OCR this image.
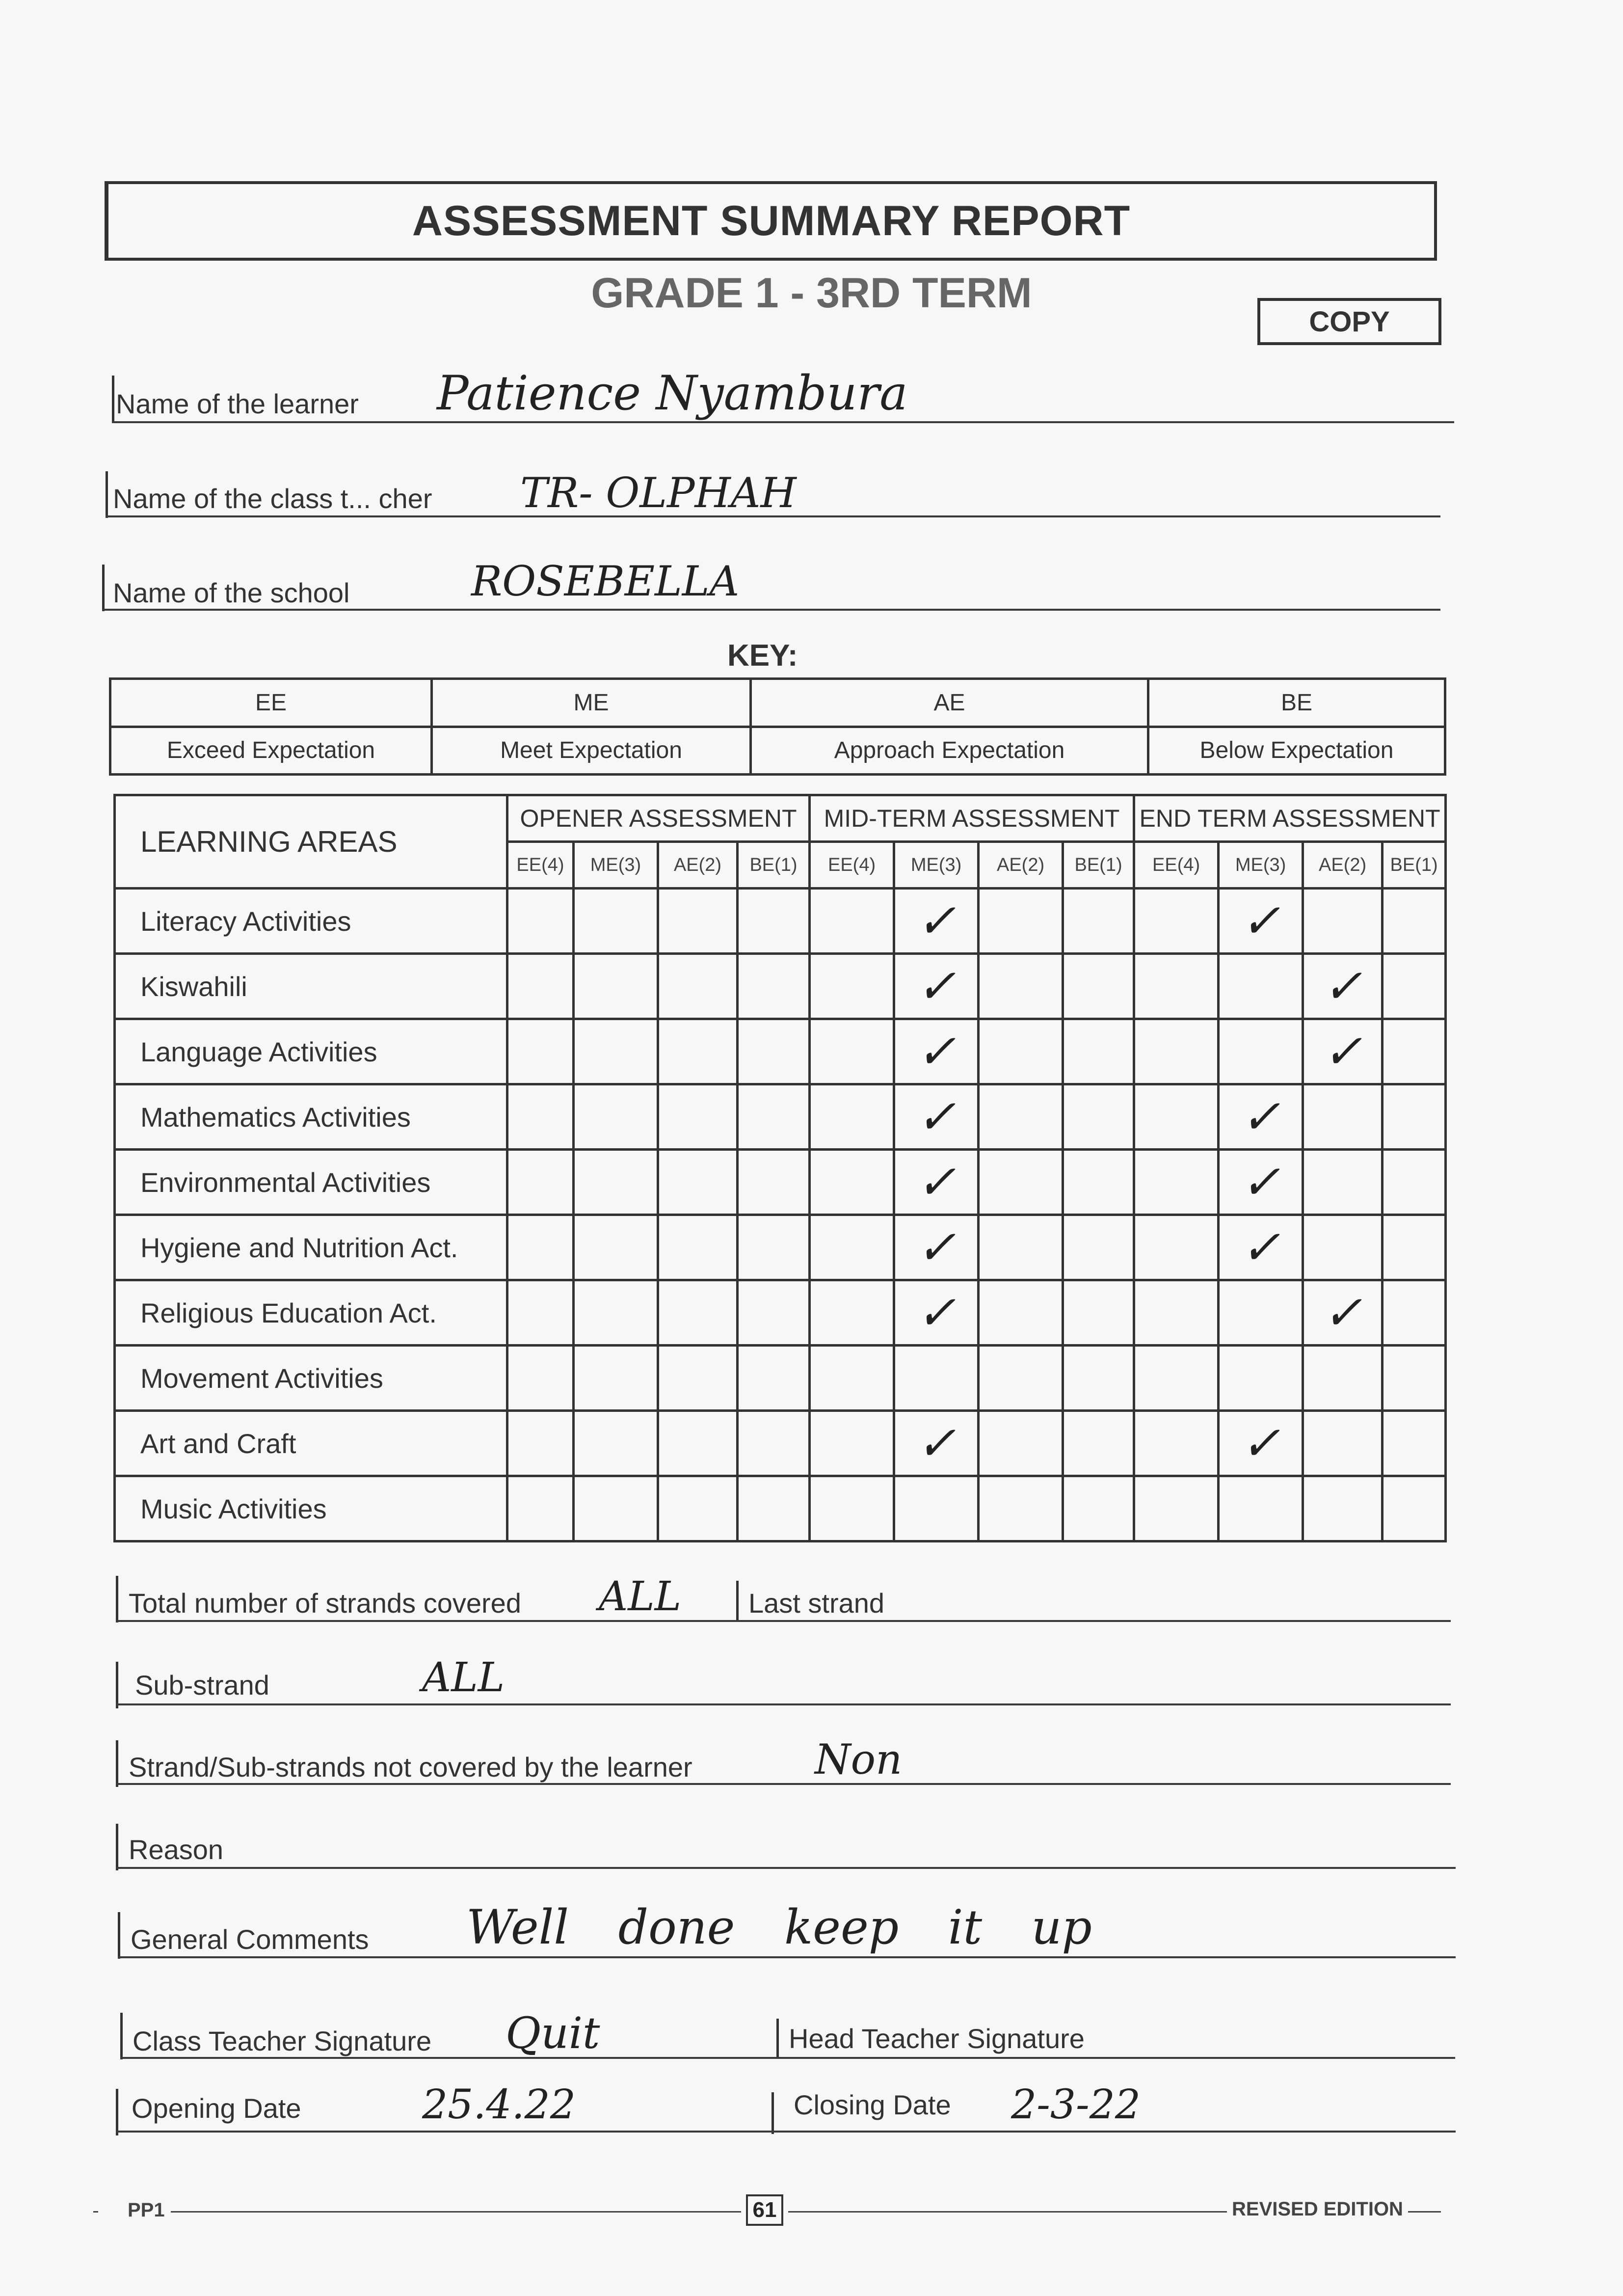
ASSESSMENT SUMMARY REPORT
GRADE 1 - 3RD TERM
COPY
Name of the learner Patience Nyambura
Name of the class t... cher TR- OLPHAH
Name of the school	ROSEBELLA
KEY:
EE	ME	AE	BE
Exceed Expectation	Meet Expectation	Approach Expectation	Below Expectation
LEARNING AREAS	OPENER ASSESSMENT				MID-TERM ASSESSMENT				END TERM ASSESSMENT			
	EE(4)	ME(3)	AE(2)	BE(1)	EE(4)	ME(3)	AE(2)	BE(1)	EE(4)	ME(3)	AE(2)	BE(1)
Literacy Activities						✓				✓		
Kiswahili						✓					✓	
Language Activities						✓					✓	
Mathematics Activities						✓				✓		
Environmental Activities						✓				✓		
Hygiene and Nutrition Act.						✓				✓		
Religious Education Act.						✓					✓	
Movement Activities												
Art and Craft						✓				✓		
Music Activities												
Total number of strands covered ALL Last strand
Sub-strand	ALL
Strand/Sub-strands not covered by the learner	Non
Reason
General Comments Well done keep it up
Class Teacher Signature Quit	Head Teacher Signature
Opening Date	25.4.22	Closing Date 2-3-22
PP1	61	REVISED EDITION
